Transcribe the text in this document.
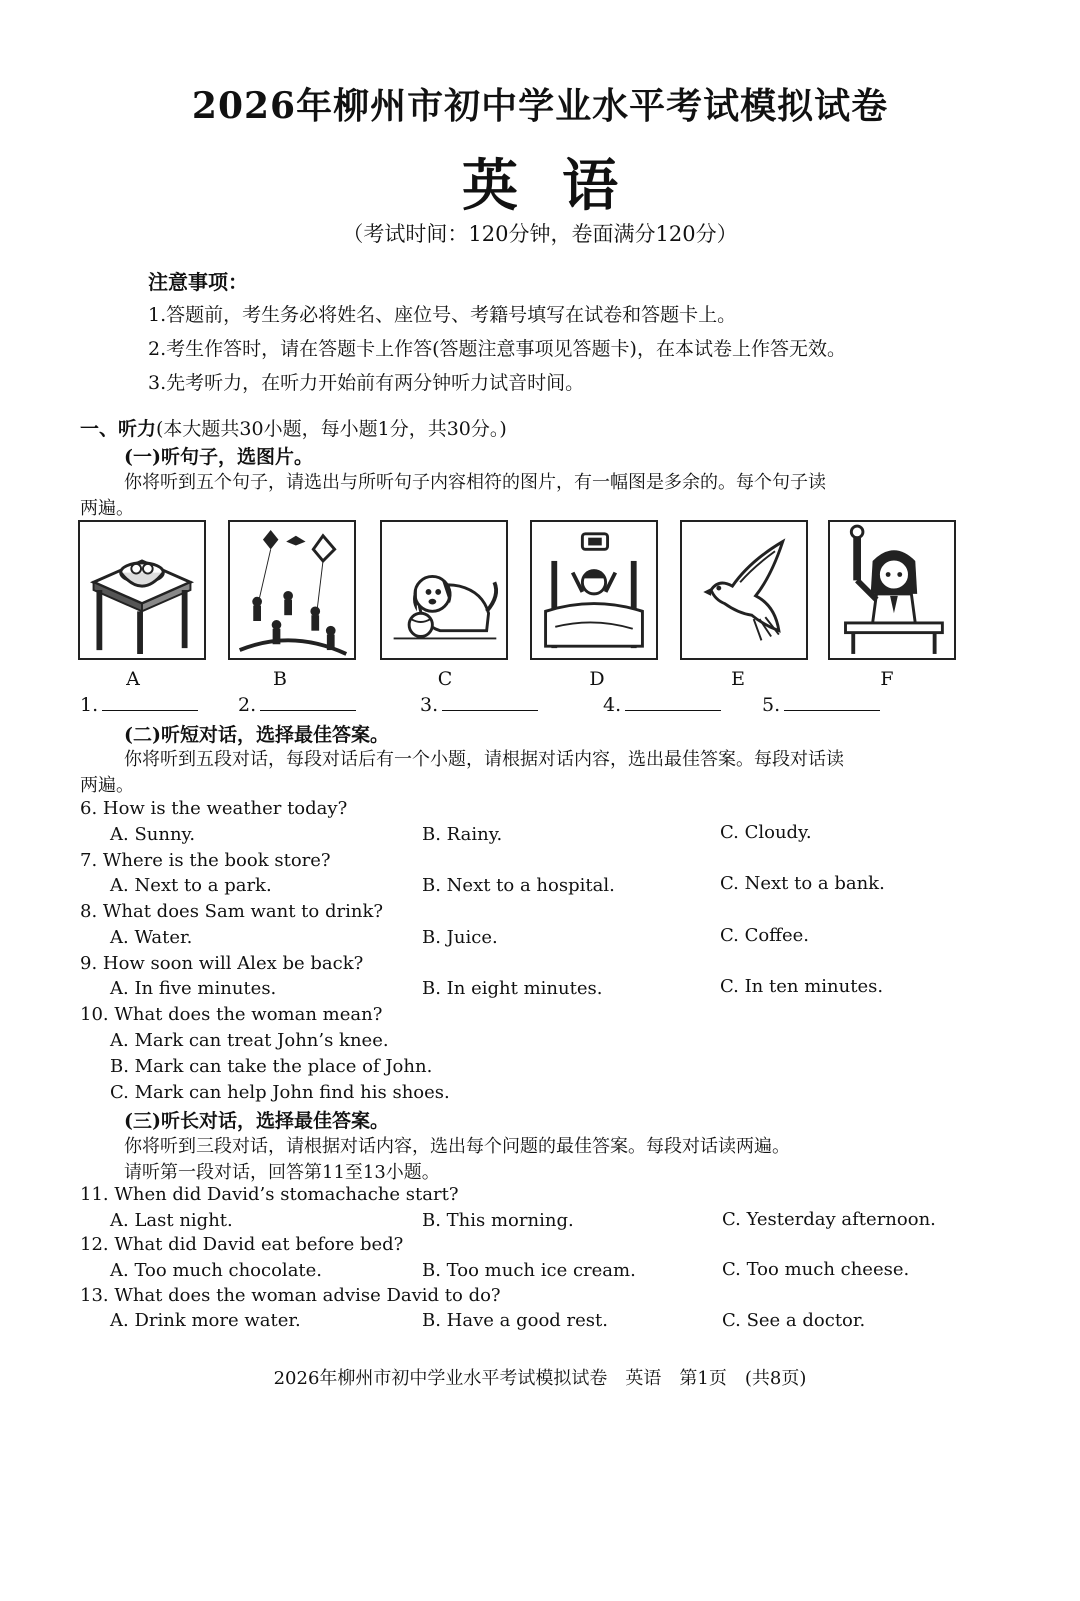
2026年柳州市初中学业水平考试模拟试卷
英语
（考试时间：120分钟，卷面满分120分）
注意事项：
1.答题前，考生务必将姓名、座位号、考籍号填写在试卷和答题卡上。
2.考生作答时，请在答题卡上作答(答题注意事项见答题卡)，在本试卷上作答无效。
3.先考听力，在听力开始前有两分钟听力试音时间。
一、听力(本大题共30小题，每小题1分，共30分。)
(一)听句子，选图片。
你将听到五个句子，请选出与所听句子内容相符的图片，有一幅图是多余的。每个句子读
两遍。
A	B	C	D	E	F
1.	2.	3.	4.	5.
(二)听短对话，选择最佳答案。
你将听到五段对话，每段对话后有一个小题，请根据对话内容，选出最佳答案。每段对话读
两遍。
6. How is the weather today?
A. Sunny.	B. Rainy.	C. Cloudy.
7. Where is the book store?
A. Next to a park.	B. Next to a hospital.	C. Next to a bank.
8. What does Sam want to drink?
A. Water.	B. Juice.	C. Coffee.
9. How soon will Alex be back?
A. In five minutes.	B. In eight minutes.	C. In ten minutes.
10. What does the woman mean?
A. Mark can treat John’s knee.
B. Mark can take the place of John.
C. Mark can help John find his shoes.
(三)听长对话，选择最佳答案。
你将听到三段对话，请根据对话内容，选出每个问题的最佳答案。每段对话读两遍。
请听第一段对话，回答第11至13小题。
11. When did David’s stomachache start?
A. Last night.	B. This morning.	C. Yesterday afternoon.
12. What did David eat before bed?
A. Too much chocolate.	B. Too much ice cream.	C. Too much cheese.
13. What does the woman advise David to do?
A. Drink more water.	B. Have a good rest.	C. See a doctor.
2026年柳州市初中学业水平考试模拟试卷　英语　第1页　(共8页)
